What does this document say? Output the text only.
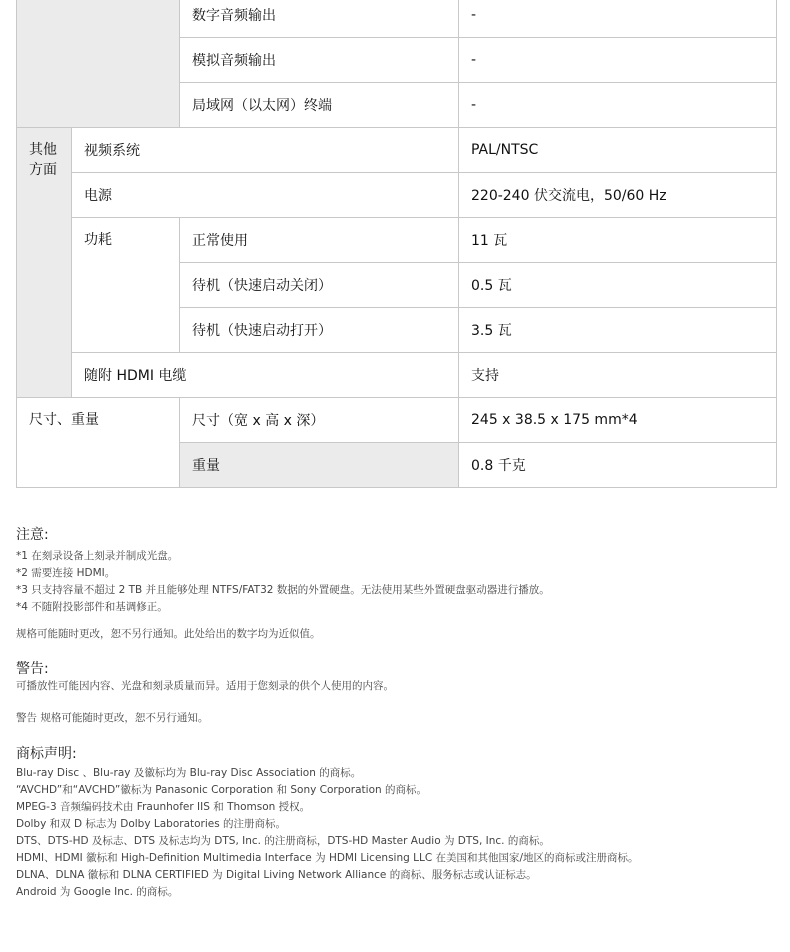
		数字音频输出	-
		模拟音频输出	-
		局域网（以太网）终端	-
其他方面	视频系统		PAL/NTSC
	电源		220-240 伏交流电，50/60 Hz
	功耗	正常使用	11 瓦
		待机（快速启动关闭）	0.5 瓦
		待机（快速启动打开）	3.5 瓦
	随附 HDMI 电缆		支持
尺寸、重量		尺寸（宽 x 高 x 深）	245 x 38.5 x 175 mm*4
		重量	0.8 千克
注意:
*1 在刻录设备上刻录并制成光盘。
*2 需要连接 HDMI。
*3 只支持容量不超过 2 TB 并且能够处理 NTFS/FAT32 数据的外置硬盘。无法使用某些外置硬盘驱动器进行播放。
*4 不随附投影部件和基调修正。
规格可能随时更改，恕不另行通知。此处给出的数字均为近似值。
警告:
可播放性可能因内容、光盘和刻录质量而异。适用于您刻录的供个人使用的内容。
警告 规格可能随时更改，恕不另行通知。
商标声明:
Blu-ray Disc 、Blu-ray 及徽标均为 Blu-ray Disc Association 的商标。
“AVCHD”和“AVCHD”徽标为 Panasonic Corporation 和 Sony Corporation 的商标。
MPEG-3 音频编码技术由 Fraunhofer IIS 和 Thomson 授权。
Dolby 和双 D 标志为 Dolby Laboratories 的注册商标。
DTS、DTS-HD 及标志、DTS 及标志均为 DTS, Inc. 的注册商标，DTS-HD Master Audio 为 DTS, Inc. 的商标。
HDMI、HDMI 徽标和 High-Definition Multimedia Interface 为 HDMI Licensing LLC 在美国和其他国家/地区的商标或注册商标。
DLNA、DLNA 徽标和 DLNA CERTIFIED 为 Digital Living Network Alliance 的商标、服务标志或认证标志。
Android 为 Google Inc. 的商标。
